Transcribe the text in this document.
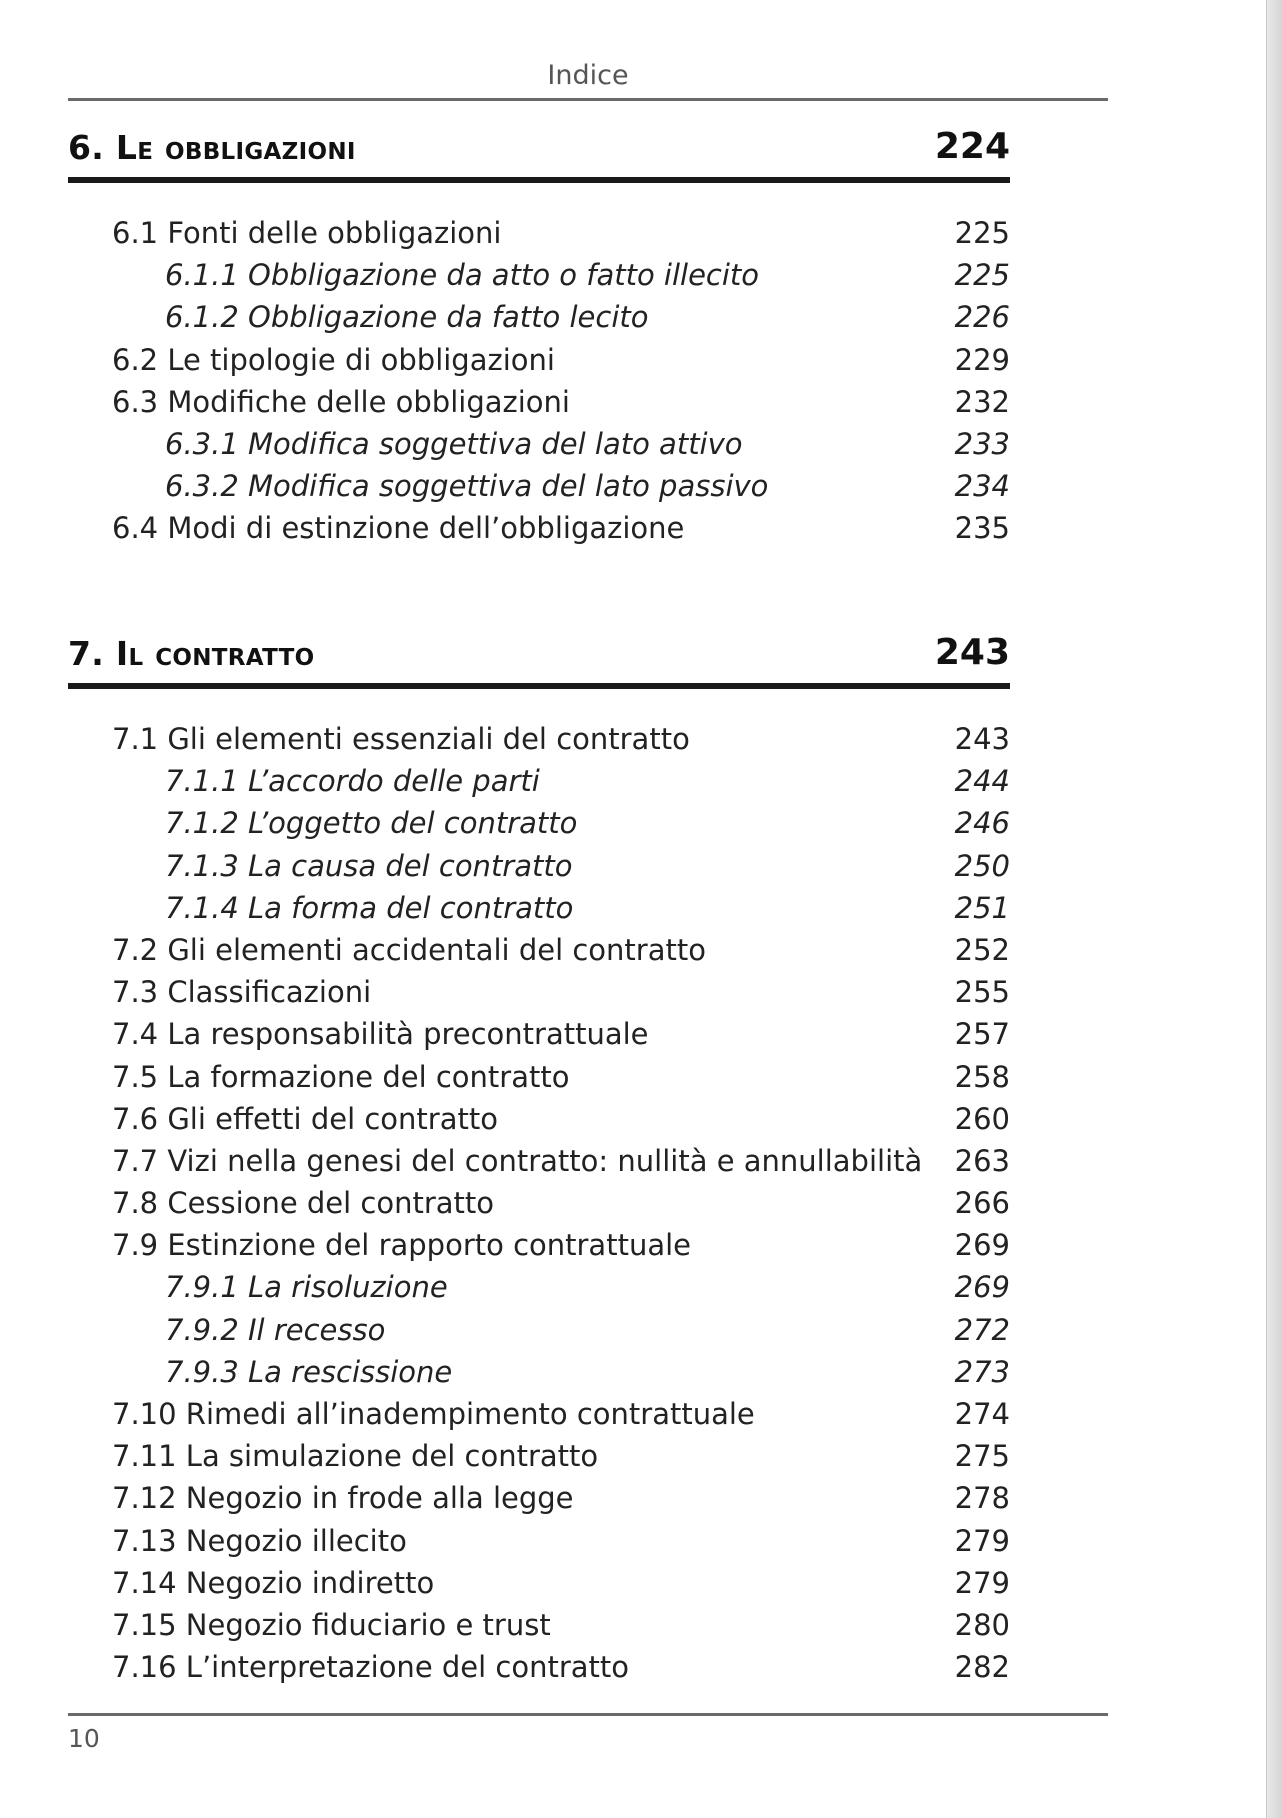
Indice
6. Le obbligazioni	224
6.1 Fonti delle obbligazioni	225
6.1.1 Obbligazione da atto o fatto illecito	225
6.1.2 Obbligazione da fatto lecito	226
6.2 Le tipologie di obbligazioni	229
6.3 Modifiche delle obbligazioni	232
6.3.1 Modifica soggettiva del lato attivo	233
6.3.2 Modifica soggettiva del lato passivo	234
6.4 Modi di estinzione dell’obbligazione	235
7. Il contratto	243
7.1 Gli elementi essenziali del contratto	243
7.1.1 L’accordo delle parti	244
7.1.2 L’oggetto del contratto	246
7.1.3 La causa del contratto	250
7.1.4 La forma del contratto	251
7.2 Gli elementi accidentali del contratto	252
7.3 Classificazioni	255
7.4 La responsabilità precontrattuale	257
7.5 La formazione del contratto	258
7.6 Gli effetti del contratto	260
7.7 Vizi nella genesi del contratto: nullità e annullabilità 263
7.8 Cessione del contratto	266
7.9 Estinzione del rapporto contrattuale	269
7.9.1 La risoluzione	269
7.9.2 Il recesso	272
7.9.3 La rescissione	273
7.10 Rimedi all’inadempimento contrattuale	274
7.11 La simulazione del contratto	275
7.12 Negozio in frode alla legge	278
7.13 Negozio illecito	279
7.14 Negozio indiretto	279
7.15 Negozio fiduciario e trust	280
7.16 L’interpretazione del contratto	282
10
